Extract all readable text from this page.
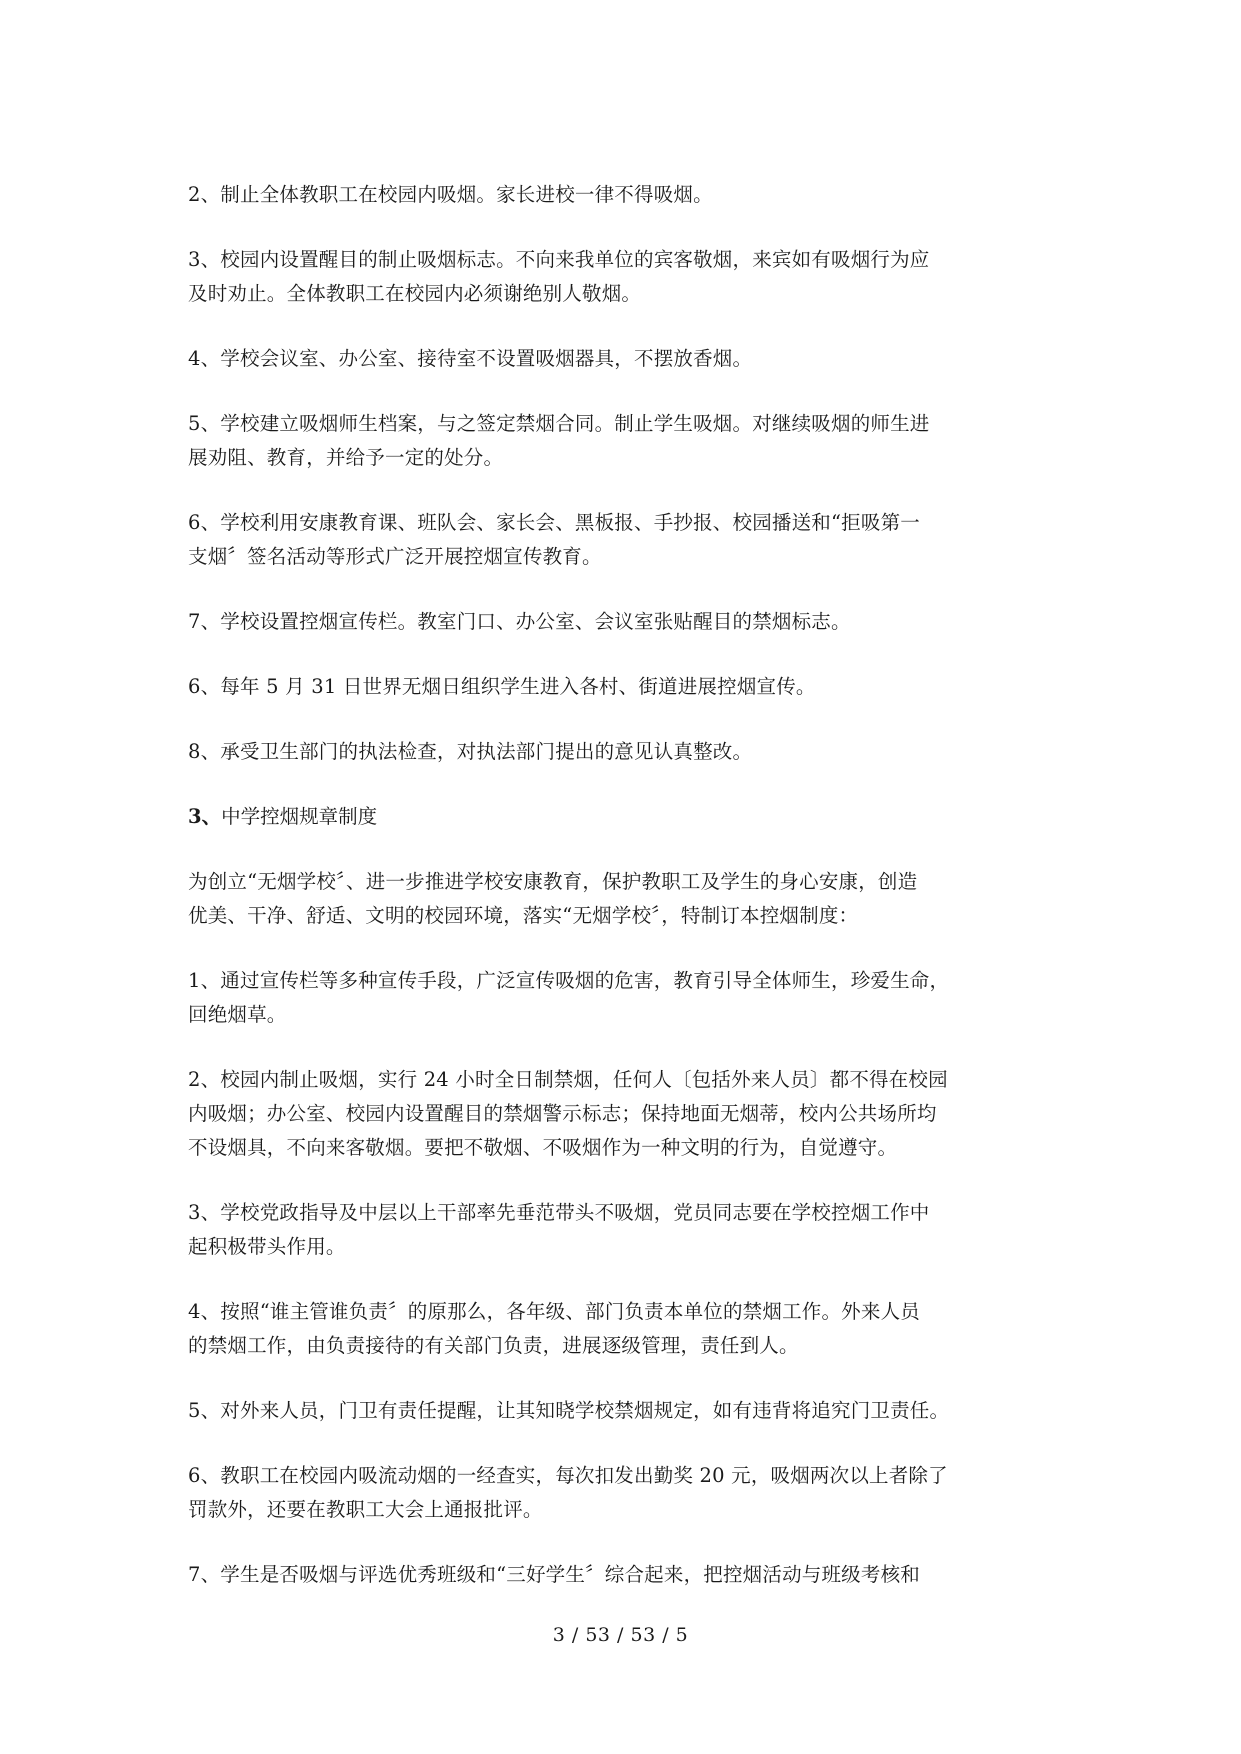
2、制止全体教职工在校园内吸烟。家长进校一律不得吸烟。

3、校园内设置醒目的制止吸烟标志。不向来我单位的宾客敬烟，来宾如有吸烟行为应
及时劝止。全体教职工在校园内必须谢绝别人敬烟。

4、学校会议室、办公室、接待室不设置吸烟器具，不摆放香烟。

5、学校建立吸烟师生档案，与之签定禁烟合同。制止学生吸烟。对继续吸烟的师生进
展劝阻、教育，并给予一定的处分。

6、学校利用安康教育课、班队会、家长会、黑板报、手抄报、校园播送和“拒吸第一
支烟〞签名活动等形式广泛开展控烟宣传教育。

7、学校设置控烟宣传栏。教室门口、办公室、会议室张贴醒目的禁烟标志。

6、每年 5 月 31 日世界无烟日组织学生进入各村、街道进展控烟宣传。

8、承受卫生部门的执法检查，对执法部门提出的意见认真整改。

3、中学控烟规章制度

为创立“无烟学校〞、进一步推进学校安康教育，保护教职工及学生的身心安康，创造
优美、干净、舒适、文明的校园环境，落实“无烟学校〞，特制订本控烟制度：

1、通过宣传栏等多种宣传手段，广泛宣传吸烟的危害，教育引导全体师生，珍爱生命，
回绝烟草。

2、校园内制止吸烟，实行 24 小时全日制禁烟，任何人〔包括外来人员〕都不得在校园
内吸烟；办公室、校园内设置醒目的禁烟警示标志；保持地面无烟蒂，校内公共场所均
不设烟具，不向来客敬烟。要把不敬烟、不吸烟作为一种文明的行为，自觉遵守。

3、学校党政指导及中层以上干部率先垂范带头不吸烟，党员同志要在学校控烟工作中
起积极带头作用。

4、按照“谁主管谁负责〞的原那么，各年级、部门负责本单位的禁烟工作。外来人员
的禁烟工作，由负责接待的有关部门负责，进展逐级管理，责任到人。

5、对外来人员，门卫有责任提醒，让其知晓学校禁烟规定，如有违背将追究门卫责任。

6、教职工在校园内吸流动烟的一经查实，每次扣发出勤奖 20 元，吸烟两次以上者除了
罚款外，还要在教职工大会上通报批评。

7、学生是否吸烟与评选优秀班级和“三好学生〞综合起来，把控烟活动与班级考核和

3 / 53 / 53 / 5
